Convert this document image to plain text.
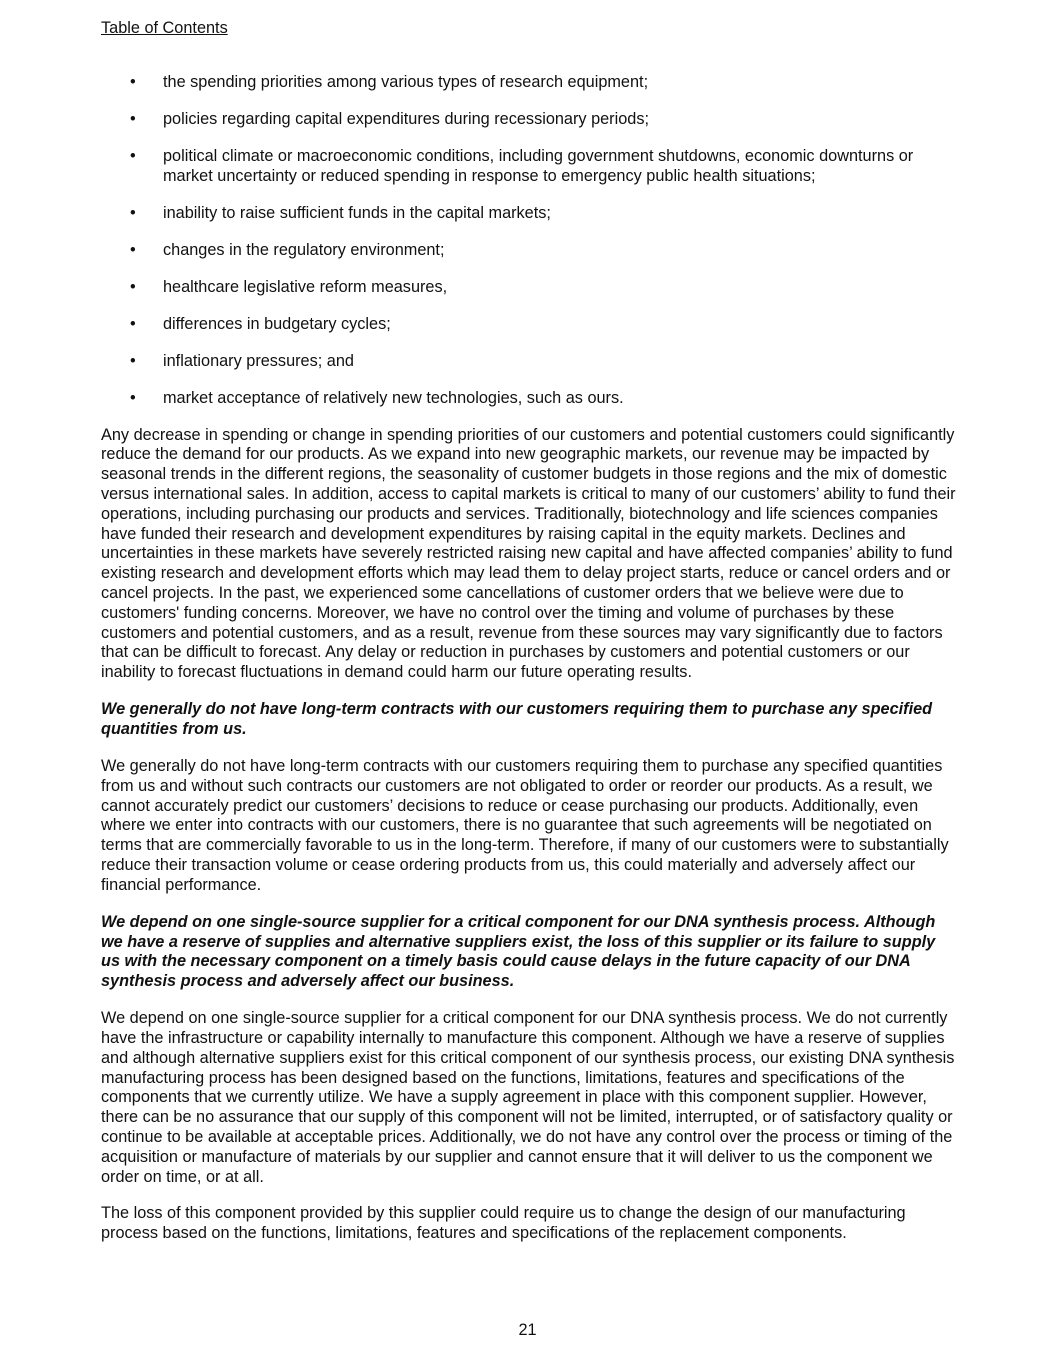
Table of Contents
• the spending priorities among various types of research equipment;
• policies regarding capital expenditures during recessionary periods;
• political climate or macroeconomic conditions, including government shutdowns, economic downturns or market uncertainty or reduced spending in response to emergency public health situations;
• inability to raise sufficient funds in the capital markets;
• changes in the regulatory environment;
• healthcare legislative reform measures,
• differences in budgetary cycles;
• inflationary pressures; and
• market acceptance of relatively new technologies, such as ours.

Any decrease in spending or change in spending priorities of our customers and potential customers could significantly reduce the demand for our products. As we expand into new geographic markets, our revenue may be impacted by seasonal trends in the different regions, the seasonality of customer budgets in those regions and the mix of domestic versus international sales. In addition, access to capital markets is critical to many of our customers’ ability to fund their operations, including purchasing our products and services. Traditionally, biotechnology and life sciences companies have funded their research and development expenditures by raising capital in the equity markets. Declines and uncertainties in these markets have severely restricted raising new capital and have affected companies’ ability to fund existing research and development efforts which may lead them to delay project starts, reduce or cancel orders and or cancel projects. In the past, we experienced some cancellations of customer orders that we believe were due to customers' funding concerns. Moreover, we have no control over the timing and volume of purchases by these customers and potential customers, and as a result, revenue from these sources may vary significantly due to factors that can be difficult to forecast. Any delay or reduction in purchases by customers and potential customers or our inability to forecast fluctuations in demand could harm our future operating results.

We generally do not have long-term contracts with our customers requiring them to purchase any specified quantities from us.

We generally do not have long-term contracts with our customers requiring them to purchase any specified quantities from us and without such contracts our customers are not obligated to order or reorder our products. As a result, we cannot accurately predict our customers’ decisions to reduce or cease purchasing our products. Additionally, even where we enter into contracts with our customers, there is no guarantee that such agreements will be negotiated on terms that are commercially favorable to us in the long-term. Therefore, if many of our customers were to substantially reduce their transaction volume or cease ordering products from us, this could materially and adversely affect our financial performance.

We depend on one single-source supplier for a critical component for our DNA synthesis process. Although we have a reserve of supplies and alternative suppliers exist, the loss of this supplier or its failure to supply us with the necessary component on a timely basis could cause delays in the future capacity of our DNA synthesis process and adversely affect our business.

We depend on one single-source supplier for a critical component for our DNA synthesis process. We do not currently have the infrastructure or capability internally to manufacture this component. Although we have a reserve of supplies and although alternative suppliers exist for this critical component of our synthesis process, our existing DNA synthesis manufacturing process has been designed based on the functions, limitations, features and specifications of the components that we currently utilize. We have a supply agreement in place with this component supplier. However, there can be no assurance that our supply of this component will not be limited, interrupted, or of satisfactory quality or continue to be available at acceptable prices. Additionally, we do not have any control over the process or timing of the acquisition or manufacture of materials by our supplier and cannot ensure that it will deliver to us the component we order on time, or at all.

The loss of this component provided by this supplier could require us to change the design of our manufacturing process based on the functions, limitations, features and specifications of the replacement components.

21
